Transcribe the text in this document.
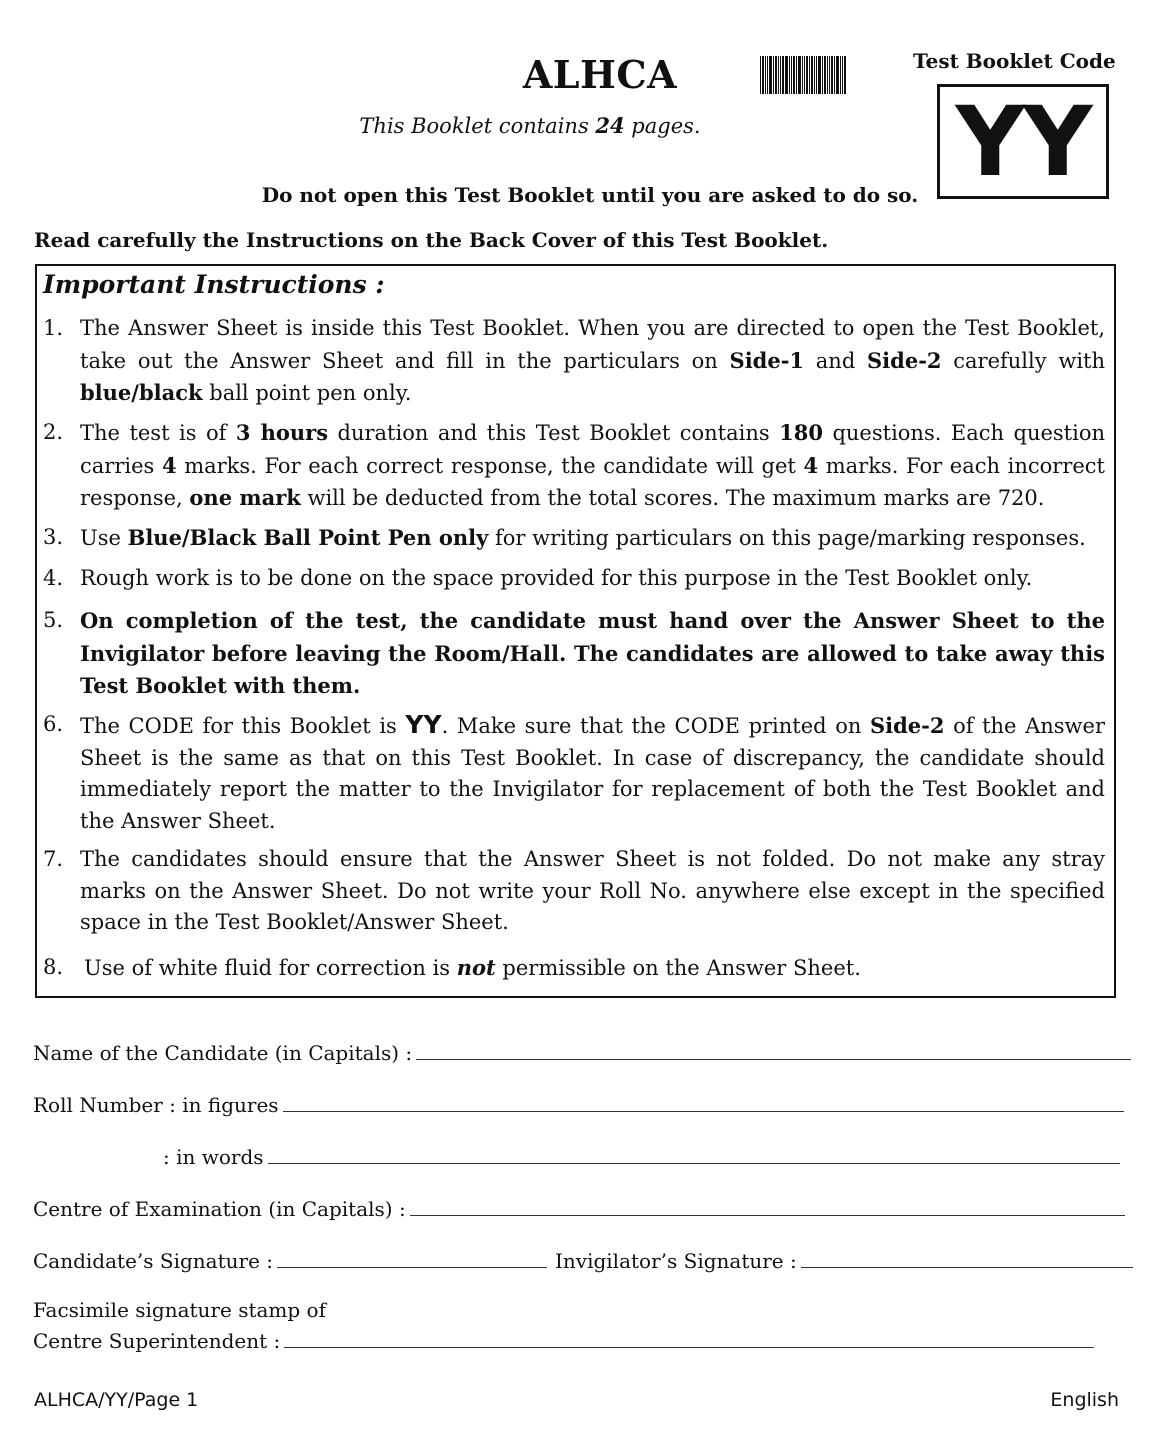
ALHCA
This Booklet contains 24 pages.
Test Booklet Code
YY
Do not open this Test Booklet until you are asked to do so.
Read carefully the Instructions on the Back Cover of this Test Booklet.
Important Instructions :
1. The Answer Sheet is inside this Test Booklet. When you are directed to open the Test Booklet, take out the Answer Sheet and fill in the particulars on Side-1 and Side-2 carefully with blue/black ball point pen only.
2. The test is of 3 hours duration and this Test Booklet contains 180 questions. Each question carries 4 marks. For each correct response, the candidate will get 4 marks. For each incorrect response, one mark will be deducted from the total scores. The maximum marks are 720.
3. Use Blue/Black Ball Point Pen only for writing particulars on this page/marking responses.
4. Rough work is to be done on the space provided for this purpose in the Test Booklet only.
5. On completion of the test, the candidate must hand over the Answer Sheet to the Invigilator before leaving the Room/Hall. The candidates are allowed to take away this Test Booklet with them.
6. The CODE for this Booklet is YY. Make sure that the CODE printed on Side-2 of the Answer Sheet is the same as that on this Test Booklet. In case of discrepancy, the candidate should immediately report the matter to the Invigilator for replacement of both the Test Booklet and the Answer Sheet.
7. The candidates should ensure that the Answer Sheet is not folded. Do not make any stray marks on the Answer Sheet. Do not write your Roll No. anywhere else except in the specified space in the Test Booklet/Answer Sheet.
8. Use of white fluid for correction is not permissible on the Answer Sheet.
Name of the Candidate (in Capitals) :
Roll Number : in figures
: in words
Centre of Examination (in Capitals) :
Candidate’s Signature :	Invigilator’s Signature :
Facsimile signature stamp of
Centre Superintendent :
ALHCA/YY/Page 1	English
